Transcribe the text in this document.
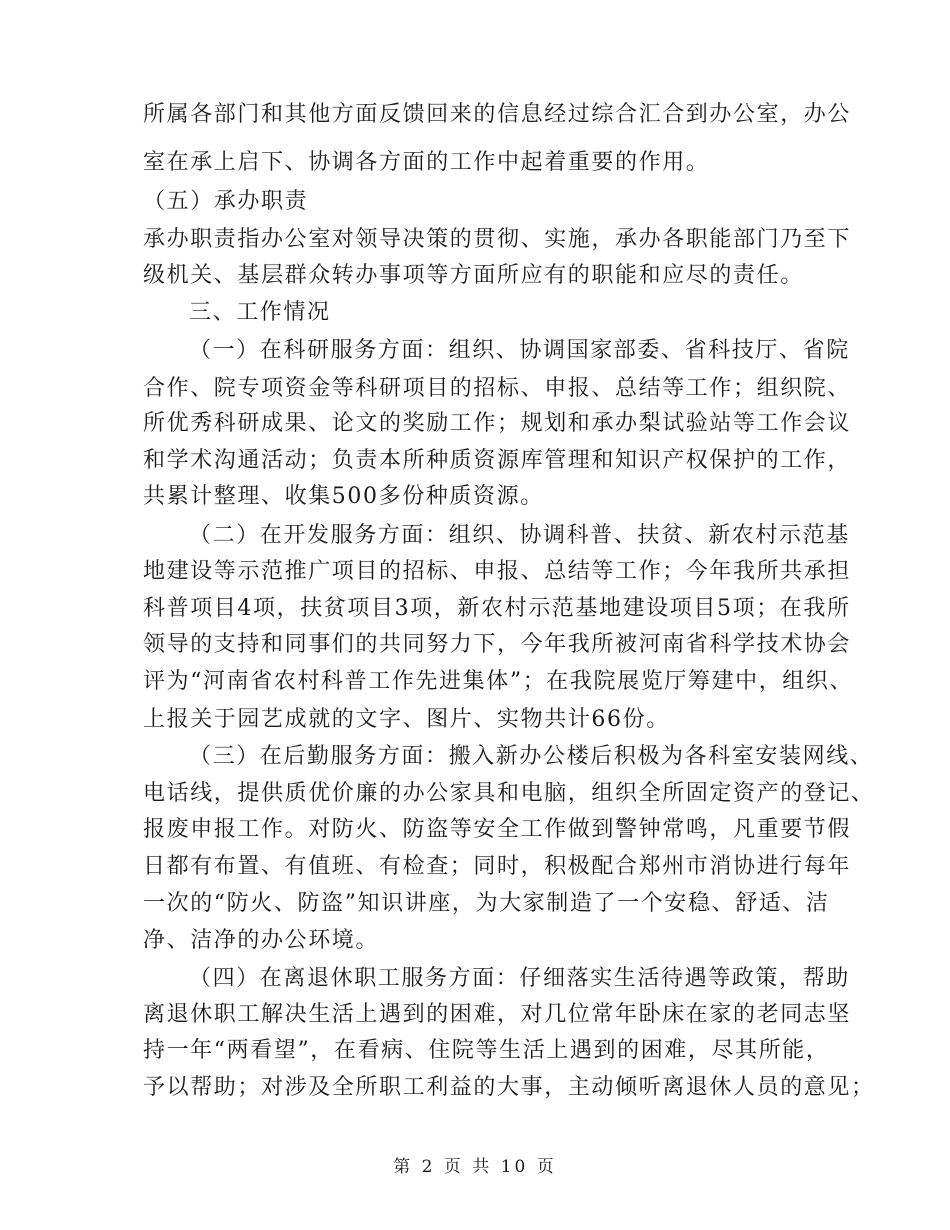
所属各部门和其他方面反馈回来的信息经过综合汇合到办公室，办公
室在承上启下、协调各方面的工作中起着重要的作用。
（五）承办职责
承办职责指办公室对领导决策的贯彻、实施，承办各职能部门乃至下
级机关、基层群众转办事项等方面所应有的职能和应尽的责任。
三、工作情况
（一）在科研服务方面：组织、协调国家部委、省科技厅、省院
合作、院专项资金等科研项目的招标、申报、总结等工作；组织院、
所优秀科研成果、论文的奖励工作；规划和承办梨试验站等工作会议
和学术沟通活动；负责本所种质资源库管理和知识产权保护的工作，
共累计整理、收集500多份种质资源。
（二）在开发服务方面：组织、协调科普、扶贫、新农村示范基
地建设等示范推广项目的招标、申报、总结等工作；今年我所共承担
科普项目4项，扶贫项目3项，新农村示范基地建设项目5项；在我所
领导的支持和同事们的共同努力下，今年我所被河南省科学技术协会
评为“河南省农村科普工作先进集体”；在我院展览厅筹建中，组织、
上报关于园艺成就的文字、图片、实物共计66份。
（三）在后勤服务方面：搬入新办公楼后积极为各科室安装网线、
电话线，提供质优价廉的办公家具和电脑，组织全所固定资产的登记、
报废申报工作。对防火、防盗等安全工作做到警钟常鸣，凡重要节假
日都有布置、有值班、有检查；同时，积极配合郑州市消协进行每年
一次的“防火、防盗”知识讲座，为大家制造了一个安稳、舒适、洁
净、洁净的办公环境。
（四）在离退休职工服务方面：仔细落实生活待遇等政策，帮助
离退休职工解决生活上遇到的困难，对几位常年卧床在家的老同志坚
持一年“两看望”，在看病、住院等生活上遇到的困难，尽其所能，
予以帮助；对涉及全所职工利益的大事，主动倾听离退休人员的意见；
第 2 页 共 10 页
